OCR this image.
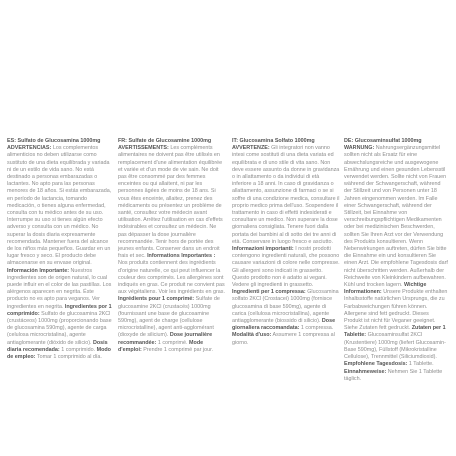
ES: Sulfato de Glucosamina 1000mg
ADVERTENCIAS: Los complementos alimenticios no deben utilizarse como sustituto de una dieta equilibrada y variada ni de un estilo de vida sano. No está destinado a personas embarazadas o lactantes. No apto para las personas menores de 18 años. Si estás embarazada, en período de lactancia, tomando medicación, o tienes alguna enfermedad, consulta con tu médico antes de su uso. Interrumpe su uso si tienes algún efecto adverso y consulta con un médico. No superar la dosis diaria expresamente recomendada. Mantener fuera del alcance de los niños más pequeños. Guardar en un lugar fresco y seco. El producto debe almacenarse en su envase original. Información Importante: Nuestros ingredientes son de origen natural, lo cual puede influir en el color de las pastillas. Los alérgenos aparecen en negrita. Éste producto no es apto para veganos. Ver ingredientes en negrita. Ingredientes por 1 comprimido: Sulfato de glucosamina 2KCl (crustáceos) 1000mg (proporcionando base de glucosamina 590mg), agente de carga (celulosa microcristalina), agente antiaglomerante (dióxido de silicio). Dosis diaria recomendada: 1 comprimido. Modo de empleo: Tomar 1 comprimido al día.

FR: Sulfate de Glucosamine 1000mg
AVERTISSEMENTS: Les compléments alimentaires ne doivent pas être utilisés en remplacement d'une alimentation équilibrée et variée et d'un mode de vie sain. Ne doit pas être consommé par des femmes enceintes ou qui allaitent, ni par les personnes âgées de moins de 18 ans. Si vous êtes enceinte, allaitez, prenez des médicaments ou présentez un problème de santé, consultez votre médecin avant utilisation. Arrêtez l'utilisation en cas d'effets indésirables et consultez un médecin. Ne pas dépasser la dose journalière recommandée. Tenir hors de portée des jeunes enfants. Conserver dans un endroit frais et sec. Informations Importantes : Nos produits contiennent des ingrédients d'origine naturelle, ce qui peut influencer la couleur des comprimés. Les allergènes sont indiqués en gras. Ce produit ne convient pas aux végétaliens. Voir les ingrédients en gras. Ingrédients pour 1 comprimé: Sulfate de glucosamine 2KCl (crustacés) 1000mg (fournissant une base de glucosamine 590mg), agent de charge (cellulose microcristalline), agent anti-agglomérant (dioxyde de silicium). Dose journalière recommandée: 1 comprimé. Mode d'emploi: Prendre 1 comprimé par jour.

IT: Glucosamina Solfato 1000mg
AVVERTENZE: Gli integratori non vanno intesi come sostituti di una dieta variata ed equilibrata e di uno stile di vita sano. Non deve essere assunto da donne in gravidanza o in allattamento o da individui di età inferiore a 18 anni. In caso di gravidanza o allattamento, assunzione di farmaci o se si soffre di una condizione medica, consultare il proprio medico prima dell'uso. Sospendere il trattamento in caso di effetti indesiderati e consultare un medico. Non superare la dose giornaliera consigliata. Tenere fuori dalla portata dei bambini al di sotto dei tre anni di età. Conservare in luogo fresco e asciutto. Informazioni importanti: I nostri prodotti contengono ingredienti naturali, che possono causare variazioni di colore nelle compresse. Gli allergeni sono indicati in grassetto. Questo prodotto non è adatto ai vegani. Vedere gli ingredienti in grassetto. Ingredienti per 1 compressa: Glucosamina solfato 2KCl (Crostacei) 1000mg (fornisce glucosamina di base 590mg), agente di carica (cellulosa microcristallina), agente antiagglomerante (biossido di silicio). Dose giornaliera raccomandata: 1 compressa. Modalità d'uso: Assumere 1 compressa al giorno.

DE: Glucosaminsulfat 1000mg
WARNUNG: Nahrungsergänzungsmittel sollten nicht als Ersatz für eine abwechslungsreiche und ausgewogene Ernährung und einen gesunden Lebensstil verwendet werden. Sollte nicht von Frauen während der Schwangerschaft, während der Stillzeit und von Personen unter 18 Jahren eingenommen werden. Im Falle einer Schwangerschaft, während der Stillzeit, bei Einnahme von verschreibungspflichtigen Medikamenten oder bei medizinischen Beschwerden, sollten Sie Ihren Arzt vor der Verwendung des Produkts konsultieren. Wenn Nebenwirkungen auftreten, dürfen Sie bitte die Einnahme ein und konsultieren Sie einen Arzt. Die empfohlene Tagesdosis darf nicht überschritten werden. Außerhalb der Reichweite von Kleinkindern aufbewahren. Kühl und trocken lagern. Wichtige Informationen: Unsere Produkte enthalten Inhaltsstoffe natürlichen Ursprungs, die zu Farbabweichungen führen können. Allergene sind fett gedruckt. Dieses Produkt ist nicht für Veganer geeignet. Siehe Zutaten fett gedruckt. Zutaten per 1 Tablette: Glucosaminsulfat 2KCl (Krustentiere) 1000mg (liefert Glucosamin-Base 590mg), Füllstoff (Mikrokristalline Cellulose), Trennmittel (Siliciumdioxid). Empfohlene Tagesdosis: 1 Tablette. Einnahmeweise: Nehmen Sie 1 Tablette täglich.
